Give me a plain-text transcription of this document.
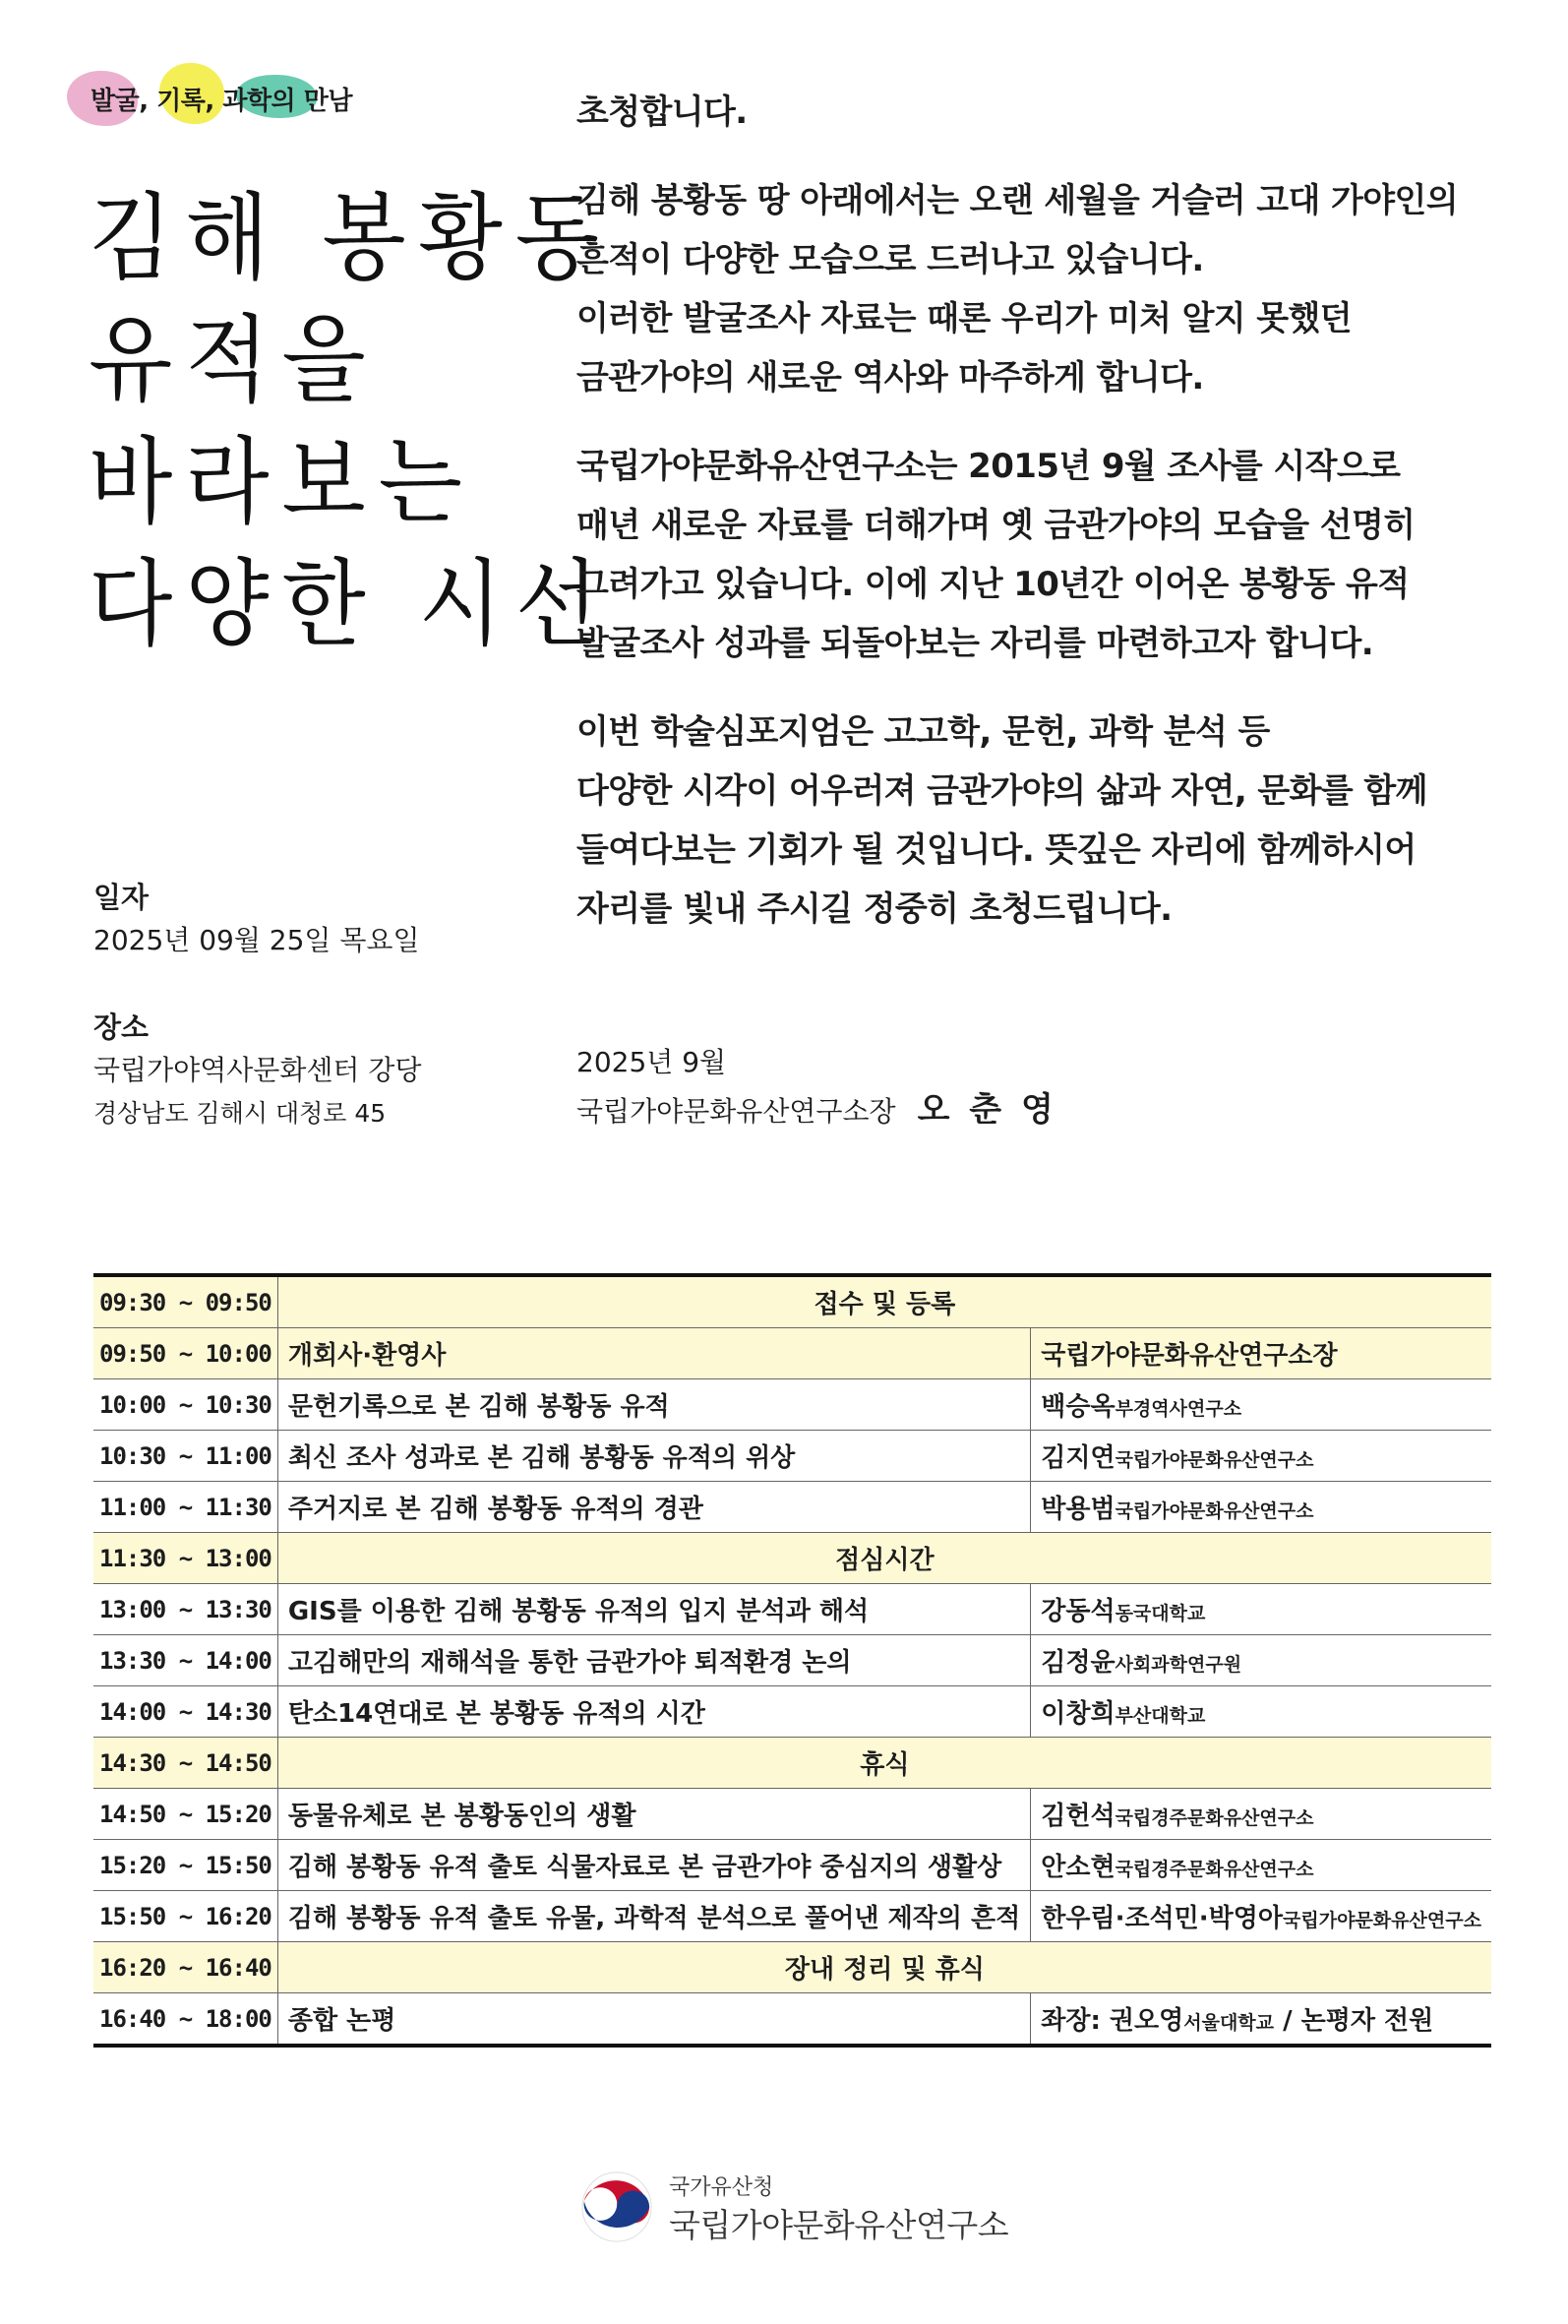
발굴, 기록, 과학의 만남
김해 봉황동
유적을
바라보는
다양한 시선
일자
2025년 09월 25일 목요일
장소
국립가야역사문화센터 강당
경상남도 김해시 대청로 45
초청합니다.

김해 봉황동 땅 아래에서는 오랜 세월을 거슬러 고대 가야인의
흔적이 다양한 모습으로 드러나고 있습니다.
이러한 발굴조사 자료는 때론 우리가 미처 알지 못했던
금관가야의 새로운 역사와 마주하게 합니다.

국립가야문화유산연구소는 2015년 9월 조사를 시작으로
매년 새로운 자료를 더해가며 옛 금관가야의 모습을 선명히
그려가고 있습니다. 이에 지난 10년간 이어온 봉황동 유적
발굴조사 성과를 되돌아보는 자리를 마련하고자 합니다.

이번 학술심포지엄은 고고학, 문헌, 과학 분석 등
다양한 시각이 어우러져 금관가야의 삶과 자연, 문화를 함께
들여다보는 기회가 될 것입니다. 뜻깊은 자리에 함께하시어
자리를 빛내 주시길 정중히 초청드립니다.

2025년 9월
국립가야문화유산연구소장 오 춘 영
09:30 ~ 09:50	접수 및 등록	
09:50 ~ 10:00	개회사·환영사	국립가야문화유산연구소장
10:00 ~ 10:30	문헌기록으로 본 김해 봉황동 유적	백승옥부경역사연구소
10:30 ~ 11:00	최신 조사 성과로 본 김해 봉황동 유적의 위상	김지연국립가야문화유산연구소
11:00 ~ 11:30	주거지로 본 김해 봉황동 유적의 경관	박용범국립가야문화유산연구소
11:30 ~ 13:00	점심시간	
13:00 ~ 13:30	GIS를 이용한 김해 봉황동 유적의 입지 분석과 해석	강동석동국대학교
13:30 ~ 14:00	고김해만의 재해석을 통한 금관가야 퇴적환경 논의	김정윤사회과학연구원
14:00 ~ 14:30	탄소14연대로 본 봉황동 유적의 시간	이창희부산대학교
14:30 ~ 14:50	휴식	
14:50 ~ 15:20	동물유체로 본 봉황동인의 생활	김헌석국립경주문화유산연구소
15:20 ~ 15:50	김해 봉황동 유적 출토 식물자료로 본 금관가야 중심지의 생활상	안소현국립경주문화유산연구소
15:50 ~ 16:20	김해 봉황동 유적 출토 유물, 과학적 분석으로 풀어낸 제작의 흔적	한우림·조석민·박영아국립가야문화유산연구소
16:20 ~ 16:40	장내 정리 및 휴식	
16:40 ~ 18:00	종합 논평	좌장: 권오영서울대학교 / 논평자 전원
국가유산청
국립가야문화유산연구소
